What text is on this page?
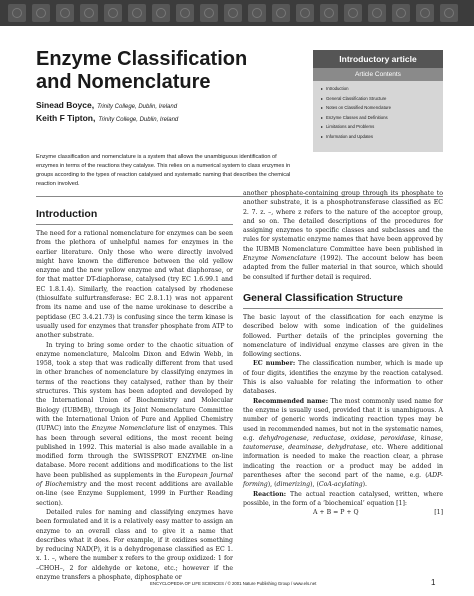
Enzyme Classification and Nomenclature
Sinead Boyce, Trinity College, Dublin, Ireland
Keith F Tipton, Trinity College, Dublin, Ireland
Introductory article
Article Contents
▸ Introduction
▸ General Classification Structure
▸ Notes on Classified Nomenclature
▸ Enzyme Classes and Definitions
▸ Limitations and Problems
▸ Information and Updates

Enzyme classification and nomenclature is a system that allows the unambiguous identification of enzymes in terms of the reactions they catalyse. This relies on a numerical system to class enzymes in groups according to the types of reaction catalysed and systematic naming that describes the chemical reaction involved.

Introduction

The need for a rational nomenclature for enzymes can be seen from the plethora of unhelpful names for enzymes in the earlier literature. Only those who were directly involved might have known the difference between the old yellow enzyme and the new yellow enzyme and what diaphorase, or for that matter DT-diaphorase, catalysed (try EC 1.6.99.1 and EC 1.8.1.4). Similarly, the reaction catalysed by rhodenese (thiosulfate sulfurtransferase: EC 2.8.1.1) was not apparent from its name and use of the name urokinase to describe a peptidase (EC 3.4.21.73) is confusing since the term kinase is usually used for enzymes that transfer phosphate from ATP to another substrate.

In trying to bring some order to the chaotic situation of enzyme nomenclature, Malcolm Dixon and Edwin Webb, in 1958, took a step that was radically different from that used in other branches of nomenclature by classifying enzymes in terms of the reactions they catalysed, rather than by their structures. This system has been adopted and developed by the International Union of Biochemistry and Molecular Biology (IUBMB), through its Joint Nomenclature Committee with the International Union of Pure and Applied Chemistry (IUPAC) into the Enzyme Nomenclature list of enzymes. This has been through several editions, the most recent being published in 1992. This material is also made available in a modified form through the SWISSPROT ENZYME on-line database. More recent additions and modifications to the list have been published as supplements in the European Journal of Biochemistry and the most recent additions are available on-line (see Enzyme Supplement, 1999 in Further Reading section).

Detailed rules for naming and classifying enzymes have been formulated and it is a relatively easy matter to assign an enzyme to an overall class and to give it a name that describes what it does. For example, if it oxidizes something by reducing NAD(P), it is a dehydrogenase classified as EC 1. x. 1. –, where the number x refers to the group oxidized: 1 for –CHOH–, 2 for aldehyde or ketone, etc.; however if the enzyme transfers a phosphate, diphosphate or

another phosphate-containing group through its phosphate to another substrate, it is a phosphotransferase classified as EC 2. 7. z. –, where z refers to the nature of the acceptor group, and so on. The detailed descriptions of the procedures for assigning enzymes to specific classes and subclasses and the rules for systematic enzyme names that have been approved by the IUBMB Nomenclature Committee have been published in Enzyme Nomenclature (1992). The account below has been adapted from the fuller material in that source, which should be consulted if further detail is required.

General Classification Structure

The basic layout of the classification for each enzyme is described below with some indication of the guidelines followed. Further details of the principles governing the nomenclature of individual enzyme classes are given in the following sections.

EC number: The classification number, which is made up of four digits, identifies the enzyme by the reaction catalysed. This is also valuable for relating the information to other databases.

Recommended name: The most commonly used name for the enzyme is usually used, provided that it is unambiguous. A number of generic words indicating reaction types may be used in recommended names, but not in the systematic names, e.g. dehydrogenase, reductase, oxidase, peroxidase, kinase, tautomerase, deaminase, dehydratase, etc. Where additional information is needed to make the reaction clear, a phrase indicating the reaction or a product may be added in parentheses after the second part of the name, e.g. (ADP-forming), (dimerizing), (CoA-acylating).

Reaction: The actual reaction catalysed, written, where possible, in the form of a ‘biochemical’ equation [1]:

A + B = P + Q	[1]
ENCYCLOPEDIA OF LIFE SCIENCES / © 2001 Nature Publishing Group / www.els.net	1
